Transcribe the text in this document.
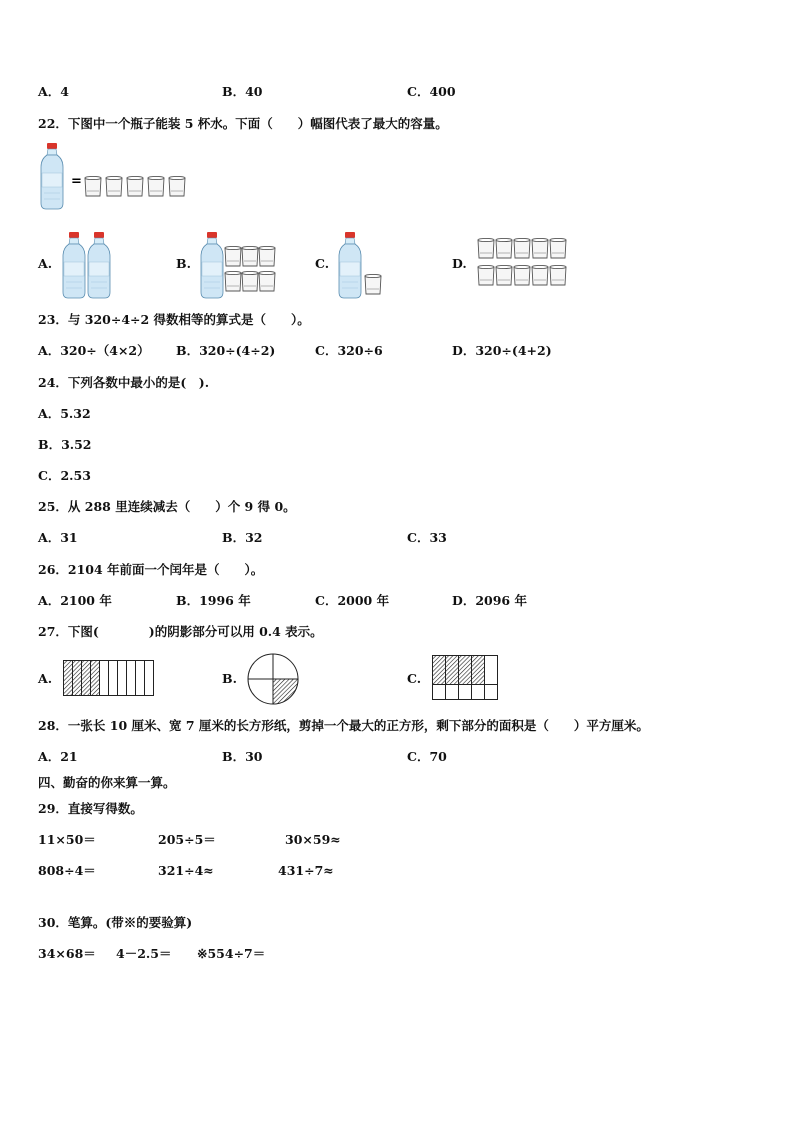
A．4	B．40	C．400
22．下图中一个瓶子能装 5 杯水。下面（　　）幅图代表了最大的容量。
=
A.	B.	C.	D.
23．与 320÷4÷2 得数相等的算式是（　　）。
A．320÷（4×2） B．320÷(4÷2)	C．320÷6	D．320÷(4+2)
24．下列各数中最小的是(　).
A．5.32
B．3.52
C．2.53
25．从 288 里连续减去（　　）个 9 得 0。
A．31	B．32	C．33
26．2104 年前面一个闰年是（　　）。
A．2100 年	B．1996 年	C．2000 年	D．2096 年
27．下图(　　　　)的阴影部分可以用 0.4 表示。
A.	B.	C.
28．一张长 10 厘米、宽 7 厘米的长方形纸，剪掉一个最大的正方形，剩下部分的面积是（　　）平方厘米。
A．21	B．30	C．70
四、勤奋的你来算一算。
29．直接写得数。
11×50＝	205÷5＝	30×59≈
808÷4＝	321÷4≈	431÷7≈
30．笔算。(带※的要验算)
34×68＝ 4－2.5＝ ※554÷7＝
